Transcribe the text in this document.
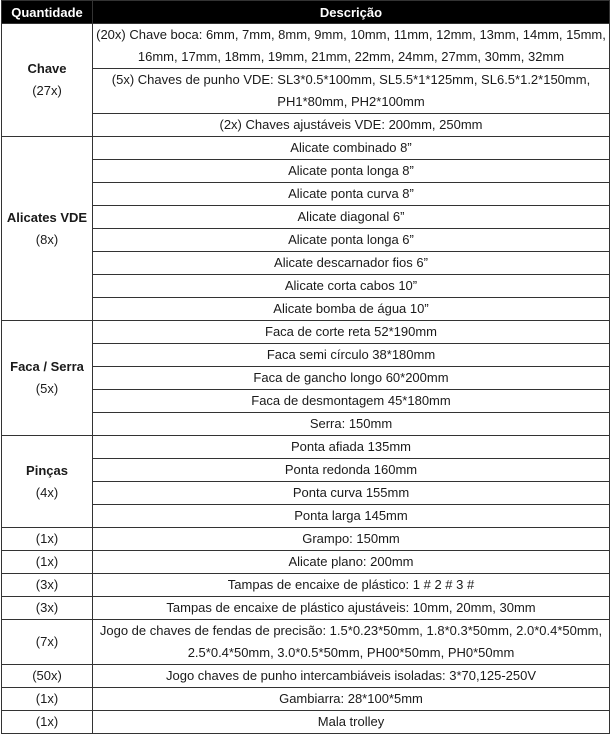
Quantidade	Descrição

Chave
(27x)	(20x) Chave boca: 6mm, 7mm, 8mm, 9mm, 10mm, 11mm, 12mm, 13mm, 14mm, 15mm, 16mm, 17mm, 18mm, 19mm, 21mm, 22mm, 24mm, 27mm, 30mm, 32mm
	(5x) Chaves de punho VDE: SL3*0.5*100mm, SL5.5*1*125mm, SL6.5*1.2*150mm, PH1*80mm, PH2*100mm
	(2x) Chaves ajustáveis VDE: 200mm, 250mm

Alicates VDE
(8x)	Alicate combinado 8”
	Alicate ponta longa 8”
	Alicate ponta curva 8”
	Alicate diagonal 6”
	Alicate ponta longa 6”
	Alicate descarnador fios 6”
	Alicate corta cabos 10”
	Alicate bomba de água 10”

Faca / Serra
(5x)	Faca de corte reta 52*190mm
	Faca semi círculo 38*180mm
	Faca de gancho longo 60*200mm
	Faca de desmontagem 45*180mm
	Serra: 150mm

Pinças
(4x)	Ponta afiada 135mm
	Ponta redonda 160mm
	Ponta curva 155mm
	Ponta larga 145mm
(1x)	Grampo: 150mm
(1x)	Alicate plano: 200mm
(3x)	Tampas de encaixe de plástico: 1 # 2 # 3 #
(3x)	Tampas de encaixe de plástico ajustáveis: 10mm, 20mm, 30mm
(7x)	Jogo de chaves de fendas de precisão: 1.5*0.23*50mm, 1.8*0.3*50mm, 2.0*0.4*50mm, 2.5*0.4*50mm, 3.0*0.5*50mm, PH00*50mm, PH0*50mm
(50x)	Jogo chaves de punho intercambiáveis isoladas: 3*70,125-250V
(1x)	Gambiarra: 28*100*5mm
(1x)	Mala trolley
